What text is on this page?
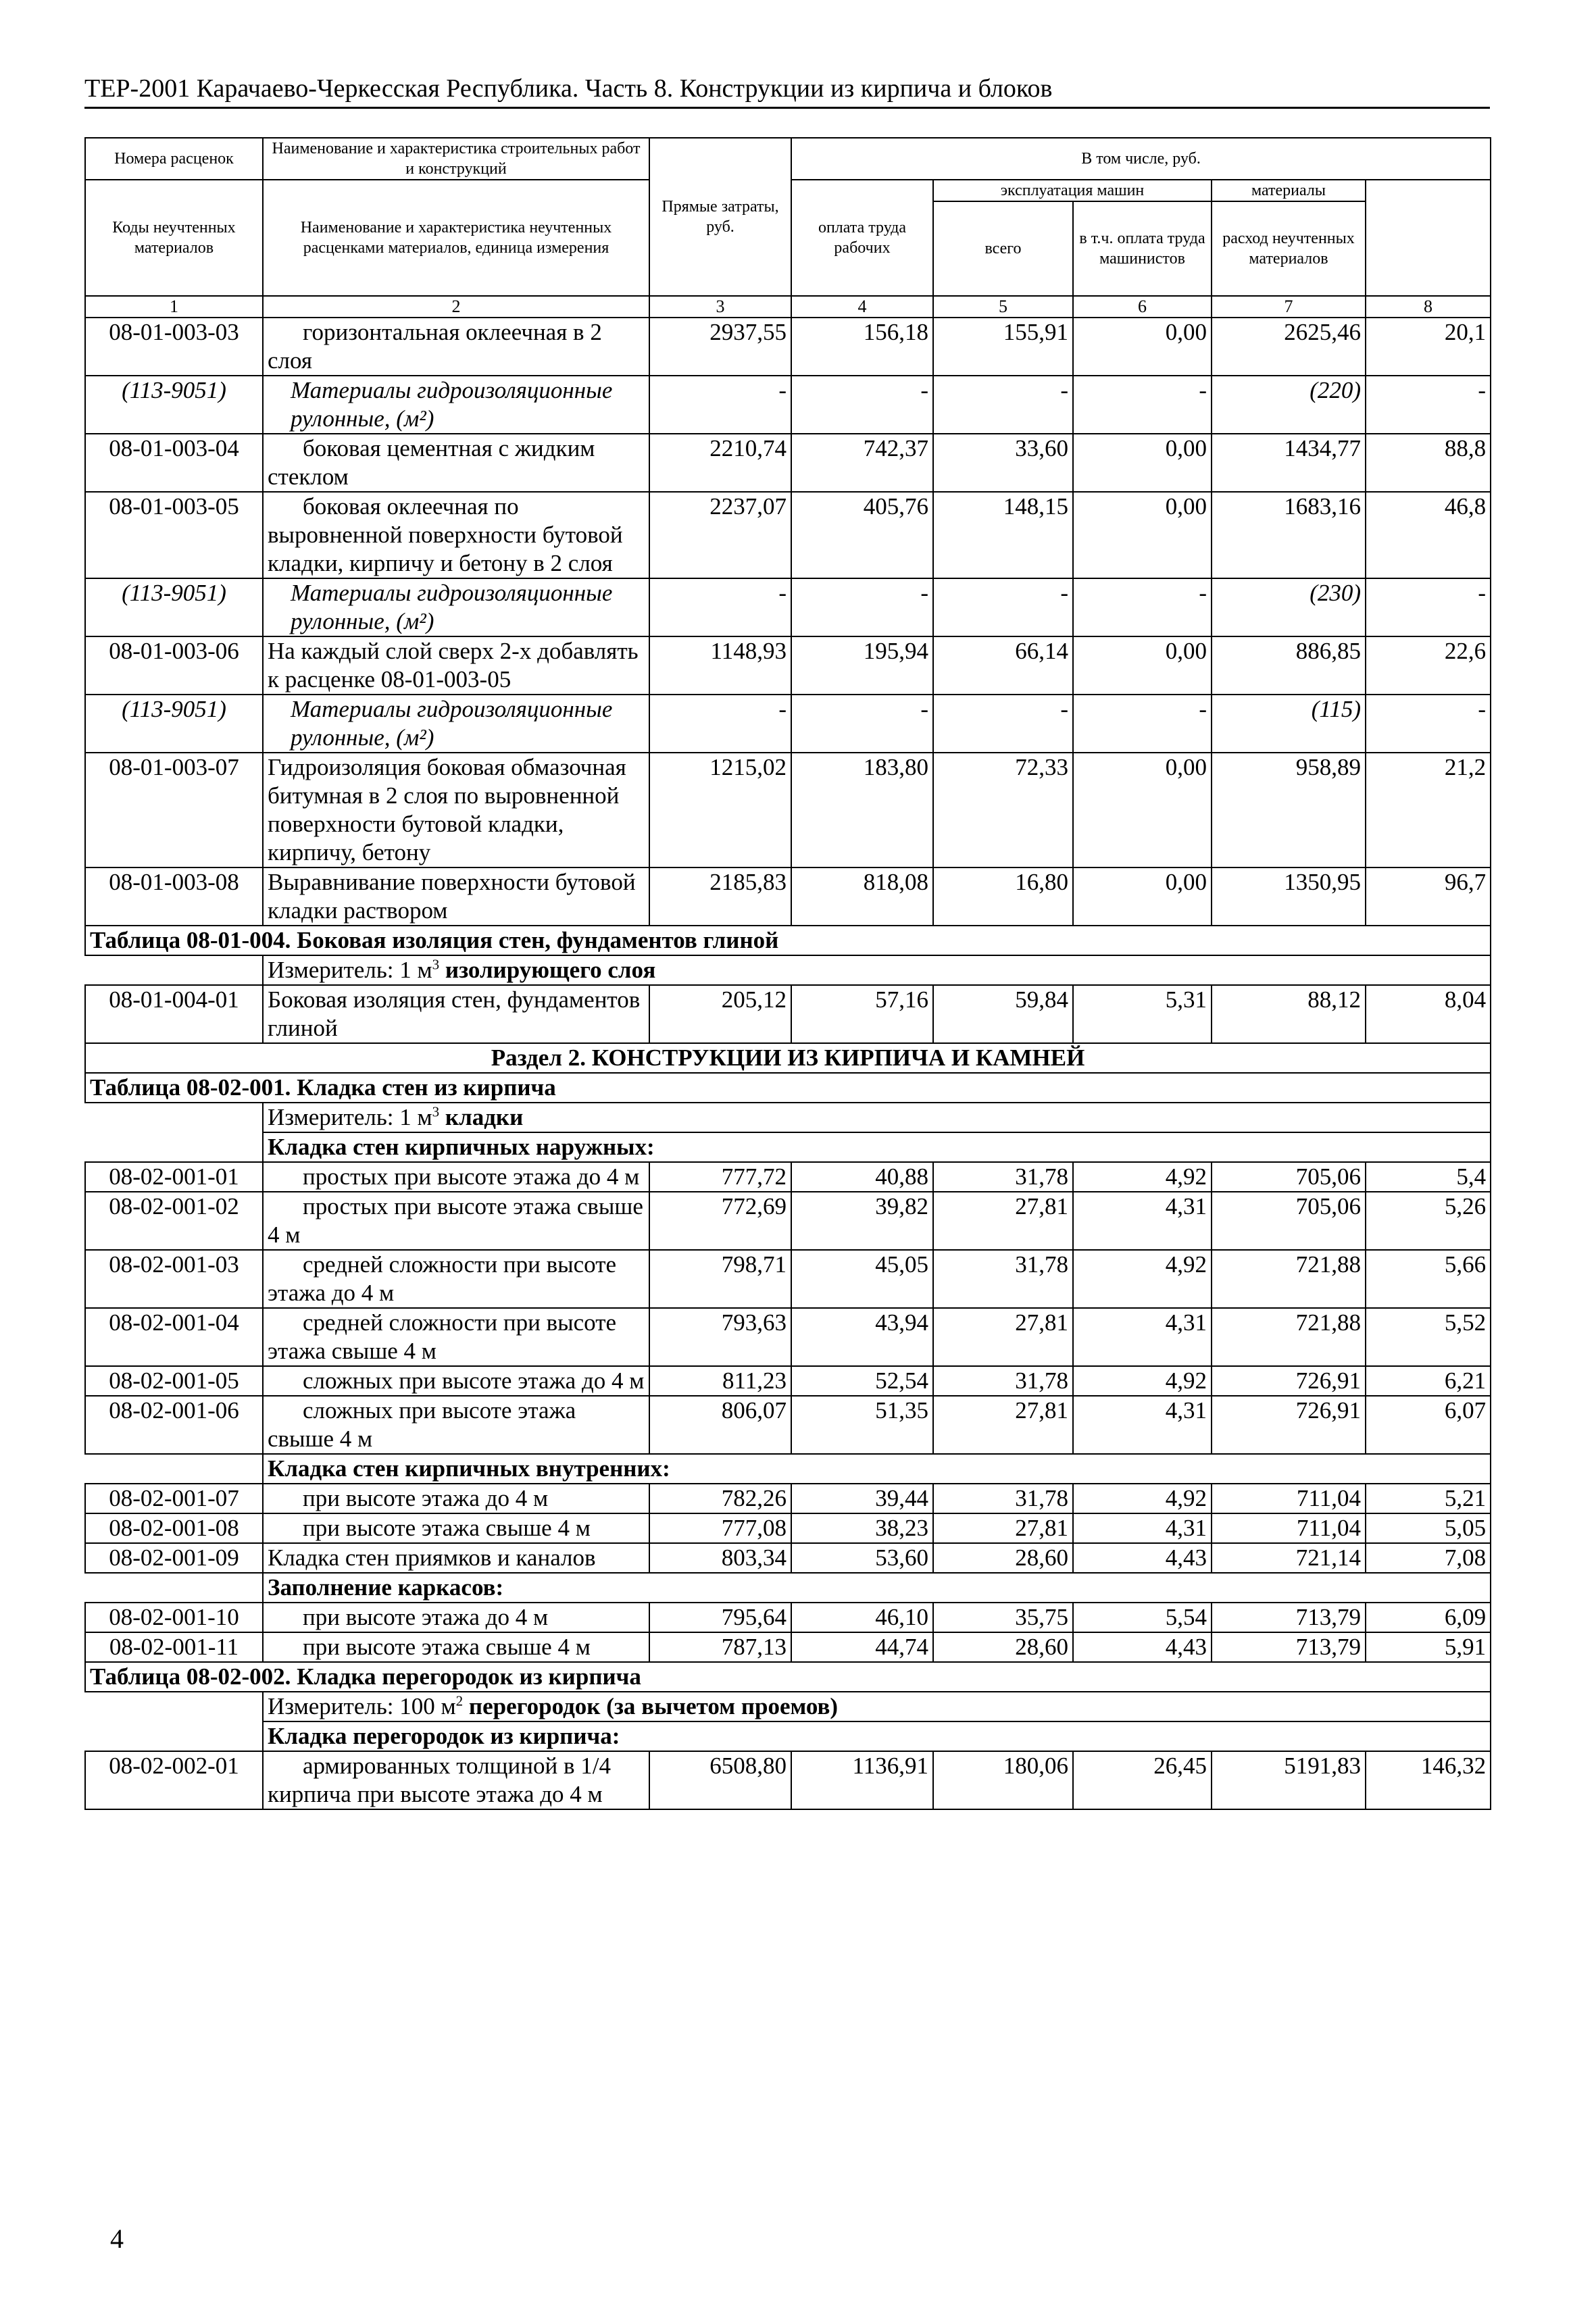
ТЕР-2001 Карачаево-Черкесская Республика. Часть 8. Конструкции из кирпича и блоков
Номера расценок	Наименование и характеристика строительных работ и конструкций	Прямые затраты, руб.	В том числе, руб.	
Коды неучтенных материалов	Наименование и характеристика неучтенных расценками материалов, единица измерения		оплата труда рабочих	эксплуатация машин		материалы		
				всего	в т.ч. оплата труда машинистов	расход неучтенных материалов		
1	2	3	4	5	6	7	8	
08-01-003-03	горизонтальная оклеечная в 2 слоя	2937,55	156,18	155,91	0,00	2625,46	20,1	
(113-9051)	Материалы гидроизоляционные рулонные, (м²)	-	-	-	-	(220)	-	
08-01-003-04	боковая цементная с жидким стеклом	2210,74	742,37	33,60	0,00	1434,77	88,8	
08-01-003-05	боковая оклеечная по выровненной поверхности бутовой кладки, кирпичу и бетону в 2 слоя	2237,07	405,76	148,15	0,00	1683,16	46,8	
(113-9051)	Материалы гидроизоляционные рулонные, (м²)	-	-	-	-	(230)	-	
08-01-003-06	На каждый слой сверх 2-х добавлять к расценке 08-01-003-05	1148,93	195,94	66,14	0,00	886,85	22,6	
(113-9051)	Материалы гидроизоляционные рулонные, (м²)	-	-	-	-	(115)	-	
08-01-003-07	Гидроизоляция боковая обмазочная битумная в 2 слоя по выровненной поверхности бутовой кладки, кирпичу, бетону	1215,02	183,80	72,33	0,00	958,89	21,2	
08-01-003-08	Выравнивание поверхности бутовой кладки раствором	2185,83	818,08	16,80	0,00	1350,95	96,7	
Таблица 08-01-004. Боковая изоляция стен, фундаментов глиной								
	Измеритель: 1 $м^3$ изолирующего слоя							
08-01-004-01	Боковая изоляция стен, фундаментов глиной	205,12	57,16	59,84	5,31	88,12	8,04	
Раздел 2. КОНСТРУКЦИИ ИЗ КИРПИЧА И КАМНЕЙ								
Таблица 08-02-001. Кладка стен из кирпича								
	Измеритель: 1 $м^3$ кладки							
	Кладка стен кирпичных наружных:							
08-02-001-01	простых при высоте этажа до 4 м	777,72	40,88	31,78	4,92	705,06	5,4	
08-02-001-02	простых при высоте этажа свыше 4 м	772,69	39,82	27,81	4,31	705,06	5,26	
08-02-001-03	средней сложности при высоте этажа до 4 м	798,71	45,05	31,78	4,92	721,88	5,66	
08-02-001-04	средней сложности при высоте этажа свыше 4 м	793,63	43,94	27,81	4,31	721,88	5,52	
08-02-001-05	сложных при высоте этажа до 4 м	811,23	52,54	31,78	4,92	726,91	6,21	
08-02-001-06	сложных при высоте этажа свыше 4 м	806,07	51,35	27,81	4,31	726,91	6,07	
	Кладка стен кирпичных внутренних:							
08-02-001-07	при высоте этажа до 4 м	782,26	39,44	31,78	4,92	711,04	5,21	
08-02-001-08	при высоте этажа свыше 4 м	777,08	38,23	27,81	4,31	711,04	5,05	
08-02-001-09	Кладка стен приямков и каналов	803,34	53,60	28,60	4,43	721,14	7,08	
	Заполнение каркасов:							
08-02-001-10	при высоте этажа до 4 м	795,64	46,10	35,75	5,54	713,79	6,09	
08-02-001-11	при высоте этажа свыше 4 м	787,13	44,74	28,60	4,43	713,79	5,91	
Таблица 08-02-002. Кладка перегородок из кирпича								
	Измеритель: 100 $м^2$ перегородок (за вычетом проемов)							
	Кладка перегородок из кирпича:							
08-02-002-01	армированных толщиной в 1/4 кирпича при высоте этажа до 4 м	6508,80	1136,91	180,06	26,45	5191,83	146,32	
4
